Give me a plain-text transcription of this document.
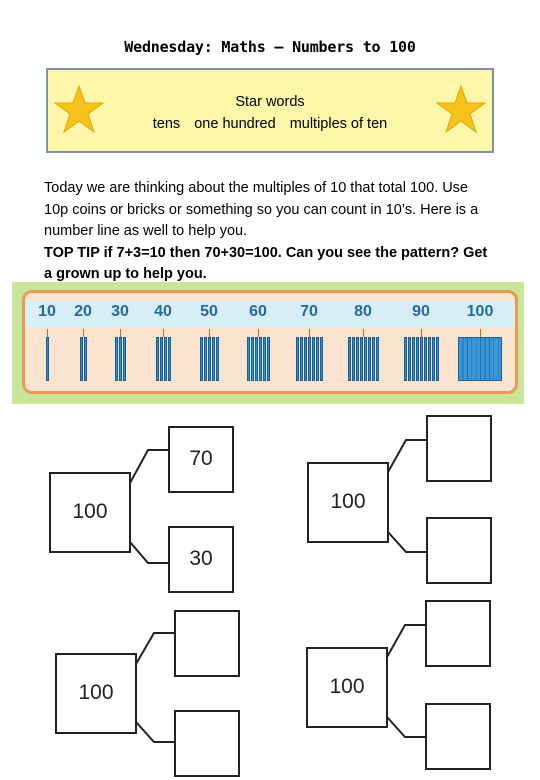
Wednesday: Maths – Numbers to 100
Star words
tens one hundred multiples of ten
Today we are thinking about the multiples of 10 that total 100. Use 10p coins or bricks or something so you can count in 10’s. Here is a number line as well to help you.
TOP TIP if 7+3=10 then 70+30=100. Can you see the pattern? Get a grown up to help you.
10 20 30 40 50 60 70 80	90 100
100
70
30
100
100	100
